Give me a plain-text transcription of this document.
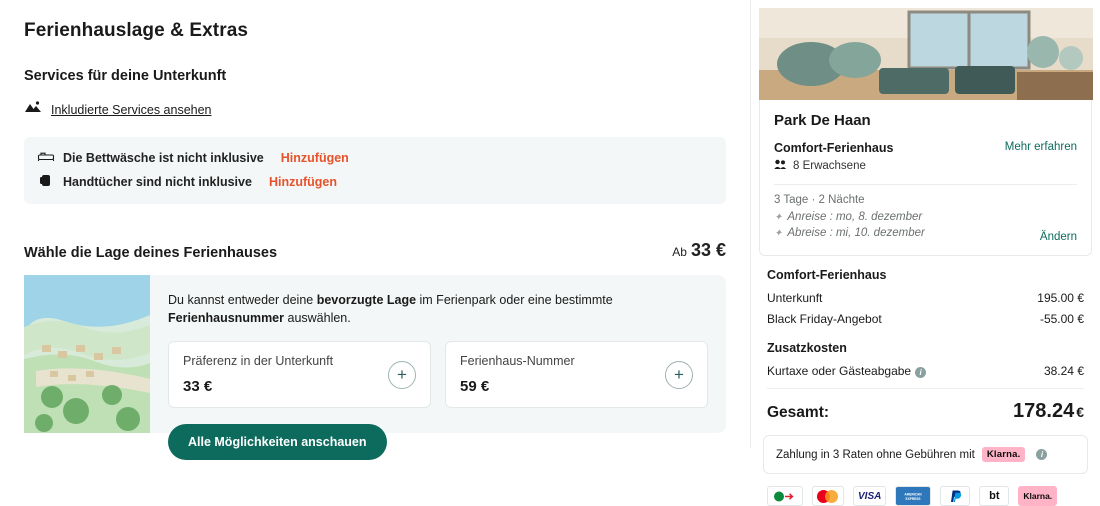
Ferienhauslage & Extras
Services für deine Unterkunft
Inkludierte Services ansehen
Die Bettwäsche ist nicht inklusive Hinzufügen
Handtücher sind nicht inklusive Hinzufügen
Wähle die Lage deines Ferienhauses	Ab 33 €

Du kannst entweder deine bevorzugte Lage im Ferienpark oder eine bestimmte Ferienhausnummer auswählen.

Präferenz in der Unterkunft
33 €
+
Ferienhaus-Nummer
59 €
+
Alle Möglichkeiten anschauen
Park De Haan
Comfort-Ferienhaus
8 Erwachsene
Mehr erfahren
3 Tage · 2 Nächte
✦ Anreise : mo, 8. dezember
✦ Abreise : mi, 10. dezember	Ändern
Comfort-Ferienhaus
Unterkunft	195.00 €
Black Friday-Angebot	-55.00 €
Zusatzkosten
Kurtaxe oder Gästeabgabe i	38.24 €
Gesamt:	178.24 €
Zahlung in 3 Raten ohne Gebühren mit	Klarna.	i
VISA	AMERICAN
EXPRESS	bt	Klarna.
